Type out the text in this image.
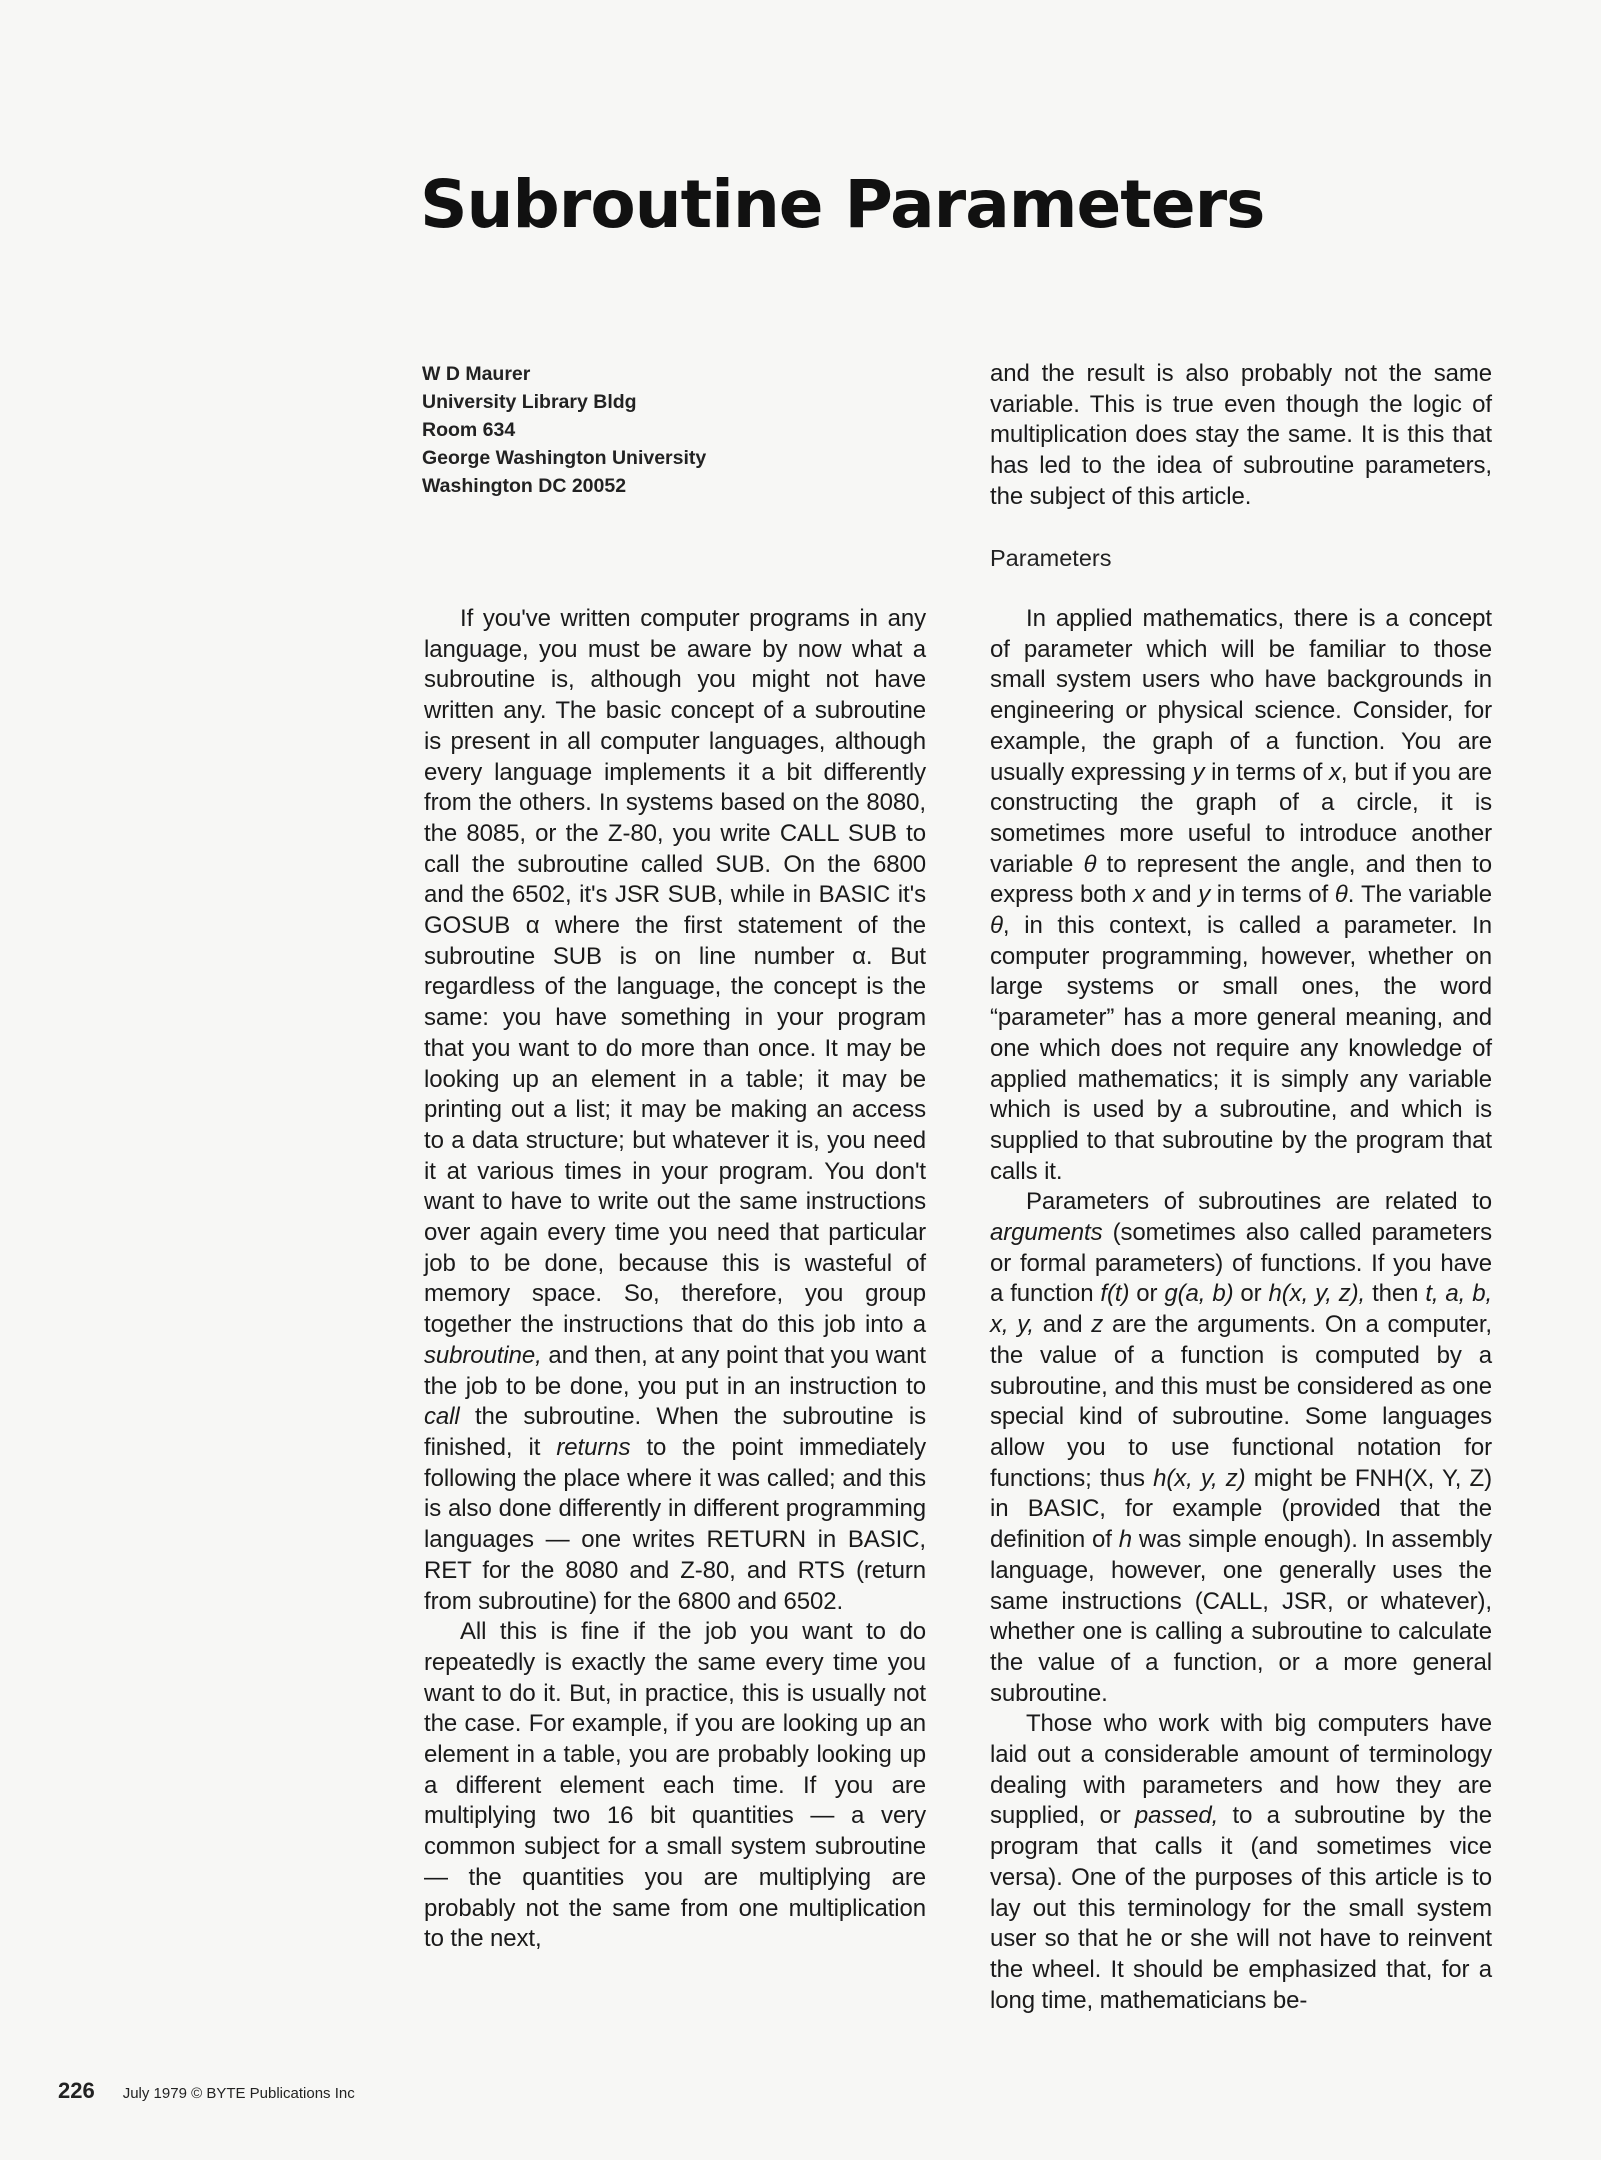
Subroutine Parameters
W D Maurer
University Library Bldg
Room 634
George Washington University
Washington DC 20052

If you've written computer programs in any language, you must be aware by now what a subroutine is, although you might not have written any. The basic concept of a subroutine is present in all computer languages, although every language implements it a bit differently from the others. In systems based on the 8080, the 8085, or the Z-80, you write CALL SUB to call the subroutine called SUB. On the 6800 and the 6502, it's JSR SUB, while in BASIC it's GOSUB α where the first statement of the subroutine SUB is on line number α. But regardless of the language, the concept is the same: you have something in your program that you want to do more than once. It may be looking up an element in a table; it may be printing out a list; it may be making an access to a data structure; but whatever it is, you need it at various times in your program. You don't want to have to write out the same instructions over again every time you need that particular job to be done, because this is wasteful of memory space. So, therefore, you group together the instructions that do this job into a subroutine, and then, at any point that you want the job to be done, you put in an instruction to call the subroutine. When the subroutine is finished, it returns to the point immediately following the place where it was called; and this is also done differently in different programming languages — one writes RETURN in BASIC, RET for the 8080 and Z-80, and RTS (return from subroutine) for the 6800 and 6502.

All this is fine if the job you want to do repeatedly is exactly the same every time you want to do it. But, in practice, this is usually not the case. For example, if you are looking up an element in a table, you are probably looking up a different element each time. If you are multiplying two 16 bit quantities — a very common subject for a small system subroutine — the quantities you are multiplying are probably not the same from one multiplication to the next,

and the result is also probably not the same variable. This is true even though the logic of multiplication does stay the same. It is this that has led to the idea of subroutine parameters, the subject of this article.

Parameters

In applied mathematics, there is a concept of parameter which will be familiar to those small system users who have backgrounds in engineering or physical science. Consider, for example, the graph of a function. You are usually expressing y in terms of x, but if you are constructing the graph of a circle, it is sometimes more useful to introduce another variable θ to represent the angle, and then to express both x and y in terms of θ. The variable θ, in this context, is called a parameter. In computer programming, however, whether on large systems or small ones, the word “parameter” has a more general meaning, and one which does not require any knowledge of applied mathematics; it is simply any variable which is used by a subroutine, and which is supplied to that subroutine by the program that calls it.

Parameters of subroutines are related to arguments (sometimes also called parameters or formal parameters) of functions. If you have a function f(t) or g(a, b) or h(x, y, z), then t, a, b, x, y, and z are the arguments. On a computer, the value of a function is computed by a subroutine, and this must be considered as one special kind of subroutine. Some languages allow you to use functional notation for functions; thus h(x, y, z) might be FNH(X, Y, Z) in BASIC, for example (provided that the definition of h was simple enough). In assembly language, however, one generally uses the same instructions (CALL, JSR, or whatever), whether one is calling a subroutine to calculate the value of a function, or a more general subroutine.

Those who work with big computers have laid out a considerable amount of terminology dealing with parameters and how they are supplied, or passed, to a subroutine by the program that calls it (and sometimes vice versa). One of the purposes of this article is to lay out this terminology for the small system user so that he or she will not have to reinvent the wheel. It should be emphasized that, for a long time, mathematicians be-

226 July 1979 © BYTE Publications Inc
